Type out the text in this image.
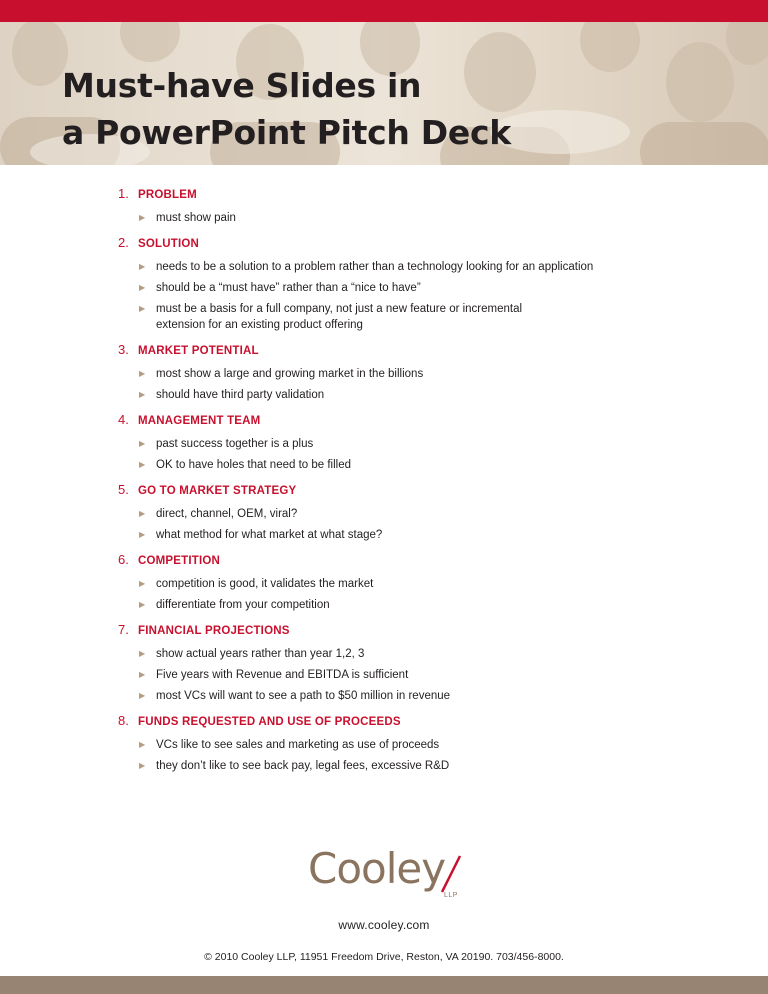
Must-have Slides in
a PowerPoint Pitch Deck
1. PROBLEM
▶ must show pain
2. SOLUTION
▶ needs to be a solution to a problem rather than a technology looking for an application
▶ should be a “must have” rather than a “nice to have”
▶ must be a basis for a full company, not just a new feature or incremental
extension for an existing product offering
3. MARKET POTENTIAL
▶ most show a large and growing market in the billions
▶ should have third party validation
4. MANAGEMENT TEAM
▶ past success together is a plus
▶ OK to have holes that need to be filled
5. GO TO MARKET STRATEGY
▶ direct, channel, OEM, viral?
▶ what method for what market at what stage?
6. COMPETITION
▶ competition is good, it validates the market
▶ differentiate from your competition
7. FINANCIAL PROJECTIONS
▶ show actual years rather than year 1,2, 3
▶ Five years with Revenue and EBITDA is sufficient
▶ most VCs will want to see a path to $50 million in revenue
8. FUNDS REQUESTED AND USE OF PROCEEDS
▶ VCs like to see sales and marketing as use of proceeds
▶ they don’t like to see back pay, legal fees, excessive R&D
Cooley
LLP
www.cooley.com
© 2010 Cooley LLP, 11951 Freedom Drive, Reston, VA 20190. 703/456-8000.
